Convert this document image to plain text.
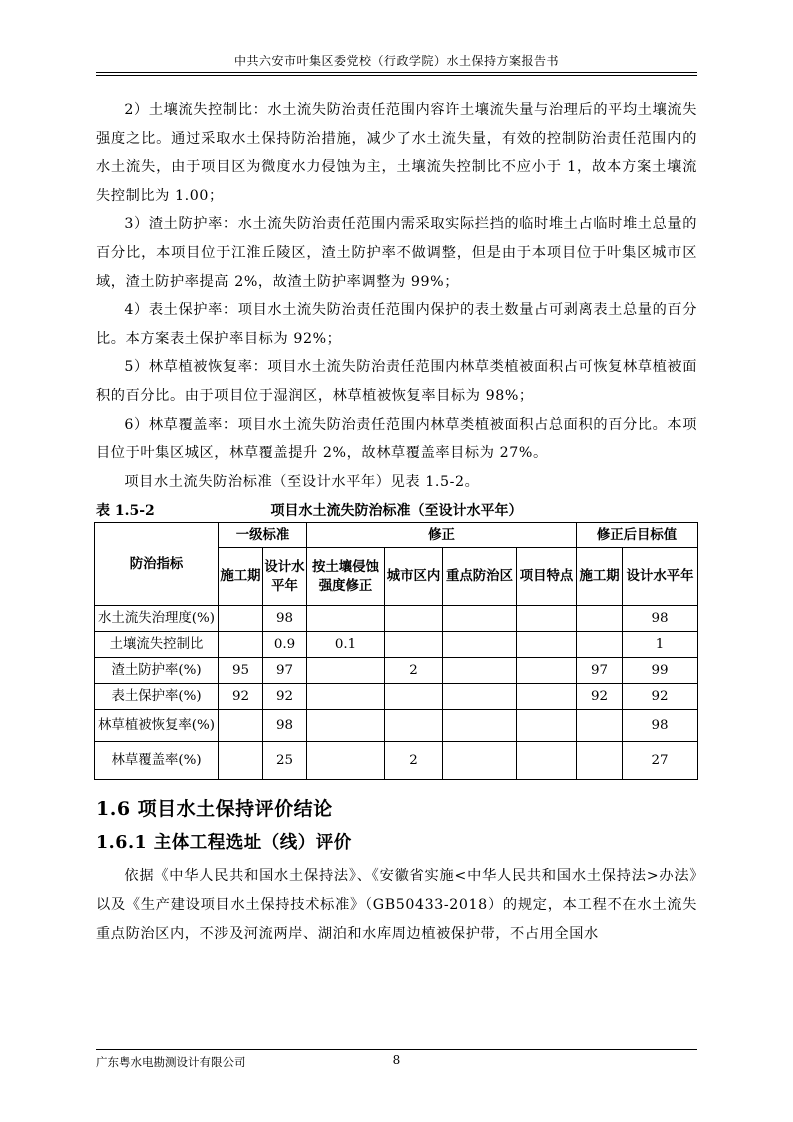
中共六安市叶集区委党校（行政学院）水土保持方案报告书

2）土壤流失控制比：水土流失防治责任范围内容许土壤流失量与治理后的平均土壤流失强度之比。通过采取水土保持防治措施，减少了水土流失量，有效的控制防治责任范围内的水土流失，由于项目区为微度水力侵蚀为主，土壤流失控制比不应小于 1，故本方案土壤流失控制比为 1.00；

3）渣土防护率：水土流失防治责任范围内需采取实际拦挡的临时堆土占临时堆土总量的百分比，本项目位于江淮丘陵区，渣土防护率不做调整，但是由于本项目位于叶集区城市区域，渣土防护率提高 2%，故渣土防护率调整为 99%；

4）表土保护率：项目水土流失防治责任范围内保护的表土数量占可剥离表土总量的百分比。本方案表土保护率目标为 92%；

5）林草植被恢复率：项目水土流失防治责任范围内林草类植被面积占可恢复林草植被面积的百分比。由于项目位于湿润区，林草植被恢复率目标为 98%；

6）林草覆盖率：项目水土流失防治责任范围内林草类植被面积占总面积的百分比。本项目位于叶集区城区，林草覆盖提升 2%，故林草覆盖率目标为 27%。

项目水土流失防治标准（至设计水平年）见表 1.5-2。

表 1.5-2	项目水土流失防治标准（至设计水平年）
防治指标	一级标准		修正				修正后目标值	
	施工期	设计水平年	按土壤侵蚀强度修正	城市区内	重点防治区	项目特点	施工期	设计水平年
水土流失治理度(%)		98						98
土壤流失控制比		0.9	0.1					1
渣土防护率(%)	95	97		2			97	99
表土保护率(%)	92	92					92	92
林草植被恢复率(%)		98						98
林草覆盖率(%)		25		2				27
1.6 项目水土保持评价结论
1.6.1 主体工程选址（线）评价

依据《中华人民共和国水土保持法》、《安徽省实施<中华人民共和国水土保持法>办法》以及《生产建设项目水土保持技术标准》（GB50433-2018）的规定，本工程不在水土流失重点防治区内，不涉及河流两岸、湖泊和水库周边植被保护带，不占用全国水

广东粤水电勘测设计有限公司	8
